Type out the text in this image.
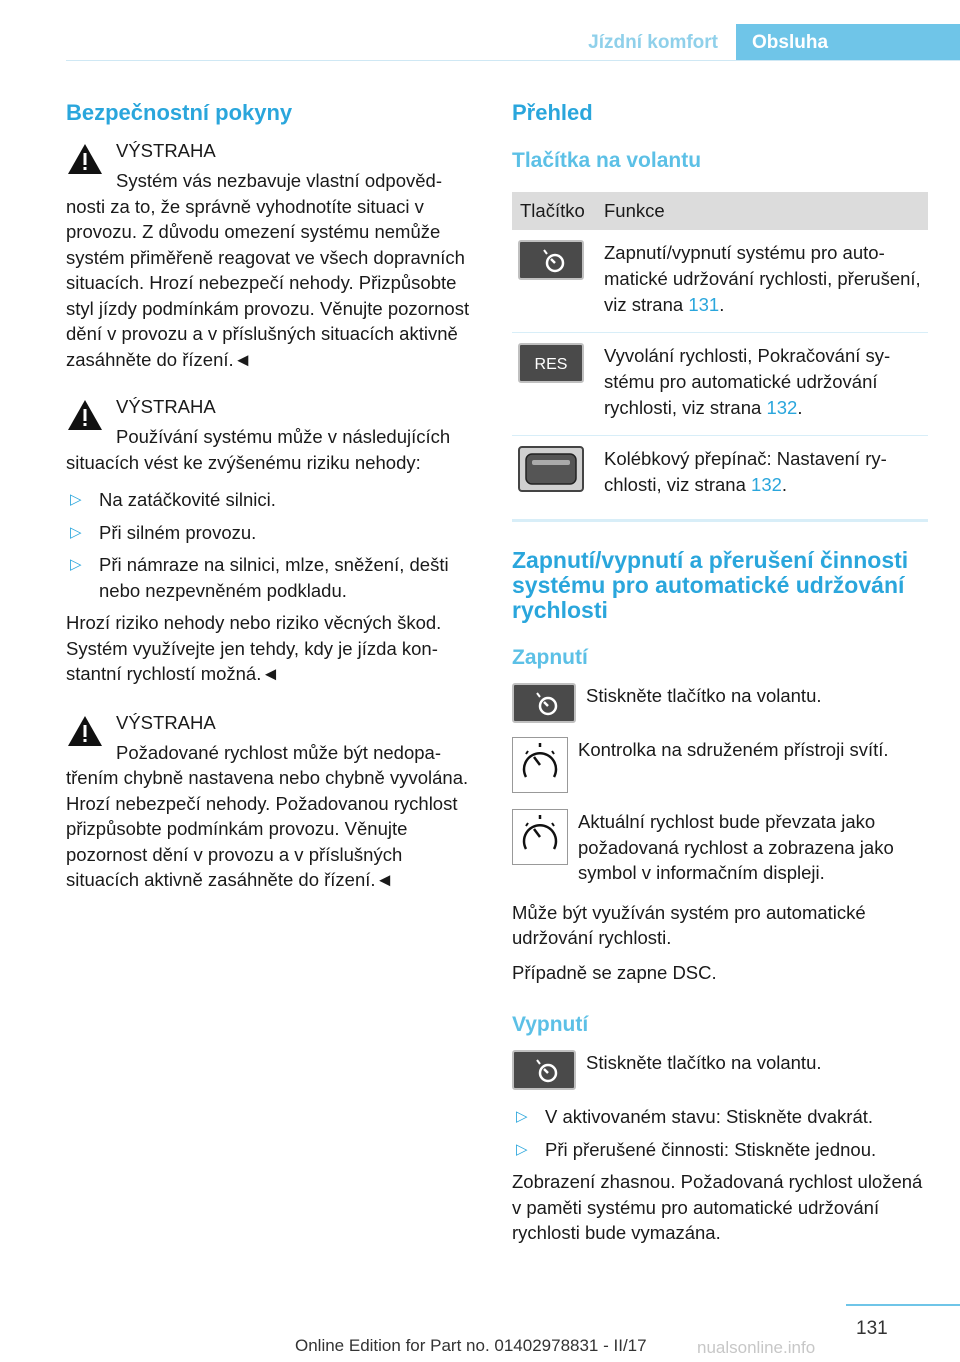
Jízdní komfort	Obsluha
Bezpečnostní pokyny
VÝSTRAHA

Systém vás nezbavuje vlastní odpovědnosti za to, že správně vyhodnotíte situaci v provozu. Z důvodu omezení systému nemůže systém přiměřeně reagovat ve všech dopravních situacích. Hrozí nebezpečí nehody. Přizpůsobte styl jízdy podmínkám provozu. Věnujte pozornost dění v provozu a v příslušných situacích aktivně zasáhněte do řízení.◄

VÝSTRAHA

Používání systému může v následujících situacích vést ke zvýšenému riziku nehody:

▷ Na zatáčkovité silnici.
▷ Při silném provozu.
▷ Při námraze na silnici, mlze, sněžení, dešti nebo nezpevněném podkladu.

Hrozí riziko nehody nebo riziko věcných škod. Systém využívejte jen tehdy, kdy je jízda konstantní rychlostí možná.◄

VÝSTRAHA

Požadované rychlost může být nedopatřením chybně nastavena nebo chybně vyvolána. Hrozí nebezpečí nehody. Požadovanou rychlost přizpůsobte podmínkám provozu. Věnujte pozornost dění v provozu a v příslušných situacích aktivně zasáhněte do řízení.◄

Přehled
Tlačítka na volantu
Tlačítko	Funkce
	Zapnutí/vypnutí systému pro automatické udržování rychlosti, přerušení, viz strana 131.

RES	Vyvolání rychlosti, Pokračování systému pro automatické udržování rychlosti, viz strana 132.
	Kolébkový přepínač: Nastavení rychlosti, viz strana 132.
Zapnutí/vypnutí a přerušení činnosti systému pro automatické udržování rychlosti
Zapnutí

Stiskněte tlačítko na volantu.

Kontrolka na sdruženém přístroji svítí.

Aktuální rychlost bude převzata jako požadovaná rychlost a zobrazena jako symbol v informačním displeji.

Může být využíván systém pro automatické udržování rychlosti.

Případně se zapne DSC.

Vypnutí

Stiskněte tlačítko na volantu.

▷ V aktivovaném stavu: Stiskněte dvakrát.
▷ Při přerušené činnosti: Stiskněte jednou.

Zobrazení zhasnou. Požadovaná rychlost uložená v paměti systému pro automatické udržování rychlosti bude vymazána.

131
Online Edition for Part no. 01402978831 - II/17	nualsonline.info
